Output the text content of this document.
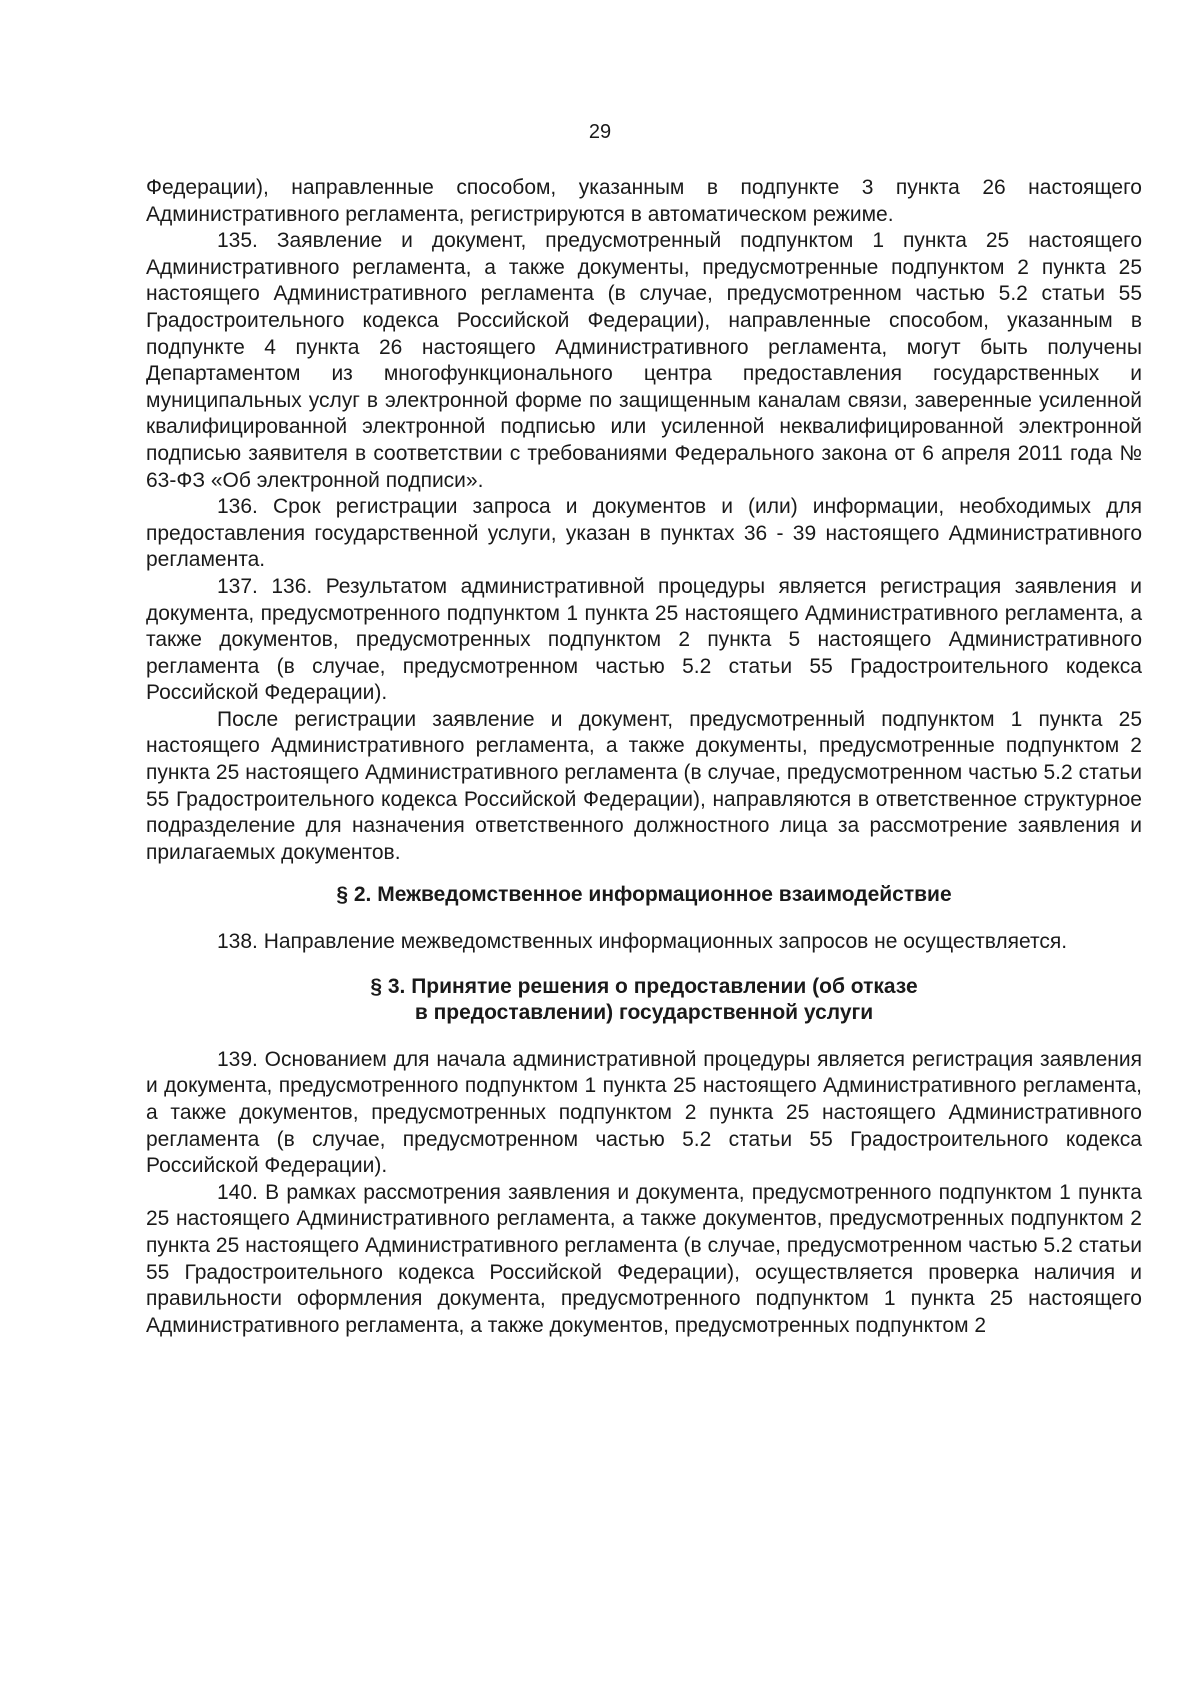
29

Федерации), направленные способом, указанным в подпункте 3 пункта 26 настоящего Административного регламента, регистрируются в автоматическом режиме.

135. Заявление и документ, предусмотренный подпунктом 1 пункта 25 настоящего Административного регламента, а также документы, предусмотренные подпунктом 2 пункта 25 настоящего Административного регламента (в случае, предусмотренном частью 5.2 статьи 55 Градостроительного кодекса Российской Федерации), направленные способом, указанным в подпункте 4 пункта 26 настоящего Административного регламента, могут быть получены Департаментом из многофункционального центра предоставления государственных и муниципальных услуг в электронной форме по защищенным каналам связи, заверенные усиленной квалифицированной электронной подписью или усиленной неквалифицированной электронной подписью заявителя в соответствии с требованиями Федерального закона от 6 апреля 2011 года № 63-ФЗ «Об электронной подписи».

136. Срок регистрации запроса и документов и (или) информации, необходимых для предоставления государственной услуги, указан в пунктах 36 - 39 настоящего Административного регламента.

137. 136. Результатом административной процедуры является регистрация заявления и документа, предусмотренного подпунктом 1 пункта 25 настоящего Административного регламента, а также документов, предусмотренных подпунктом 2 пункта 5 настоящего Административного регламента (в случае, предусмотренном частью 5.2 статьи 55 Градостроительного кодекса Российской Федерации).

После регистрации заявление и документ, предусмотренный подпунктом 1 пункта 25 настоящего Административного регламента, а также документы, предусмотренные подпунктом 2 пункта 25 настоящего Административного регламента (в случае, предусмотренном частью 5.2 статьи 55 Градостроительного кодекса Российской Федерации), направляются в ответственное структурное подразделение для назначения ответственного должностного лица за рассмотрение заявления и прилагаемых документов.

§ 2. Межведомственное информационное взаимодействие

138. Направление межведомственных информационных запросов не осуществляется.

§ 3. Принятие решения о предоставлении (об отказе
в предоставлении) государственной услуги

139. Основанием для начала административной процедуры является регистрация заявления и документа, предусмотренного подпунктом 1 пункта 25 настоящего Административного регламента, а также документов, предусмотренных подпунктом 2 пункта 25 настоящего Административного регламента (в случае, предусмотренном частью 5.2 статьи 55 Градостроительного кодекса Российской Федерации).

140. В рамках рассмотрения заявления и документа, предусмотренного подпунктом 1 пункта 25 настоящего Административного регламента, а также документов, предусмотренных подпунктом 2 пункта 25 настоящего Административного регламента (в случае, предусмотренном частью 5.2 статьи 55 Градостроительного кодекса Российской Федерации), осуществляется проверка наличия и правильности оформления документа, предусмотренного подпунктом 1 пункта 25 настоящего Административного регламента, а также документов, предусмотренных подпунктом 2
